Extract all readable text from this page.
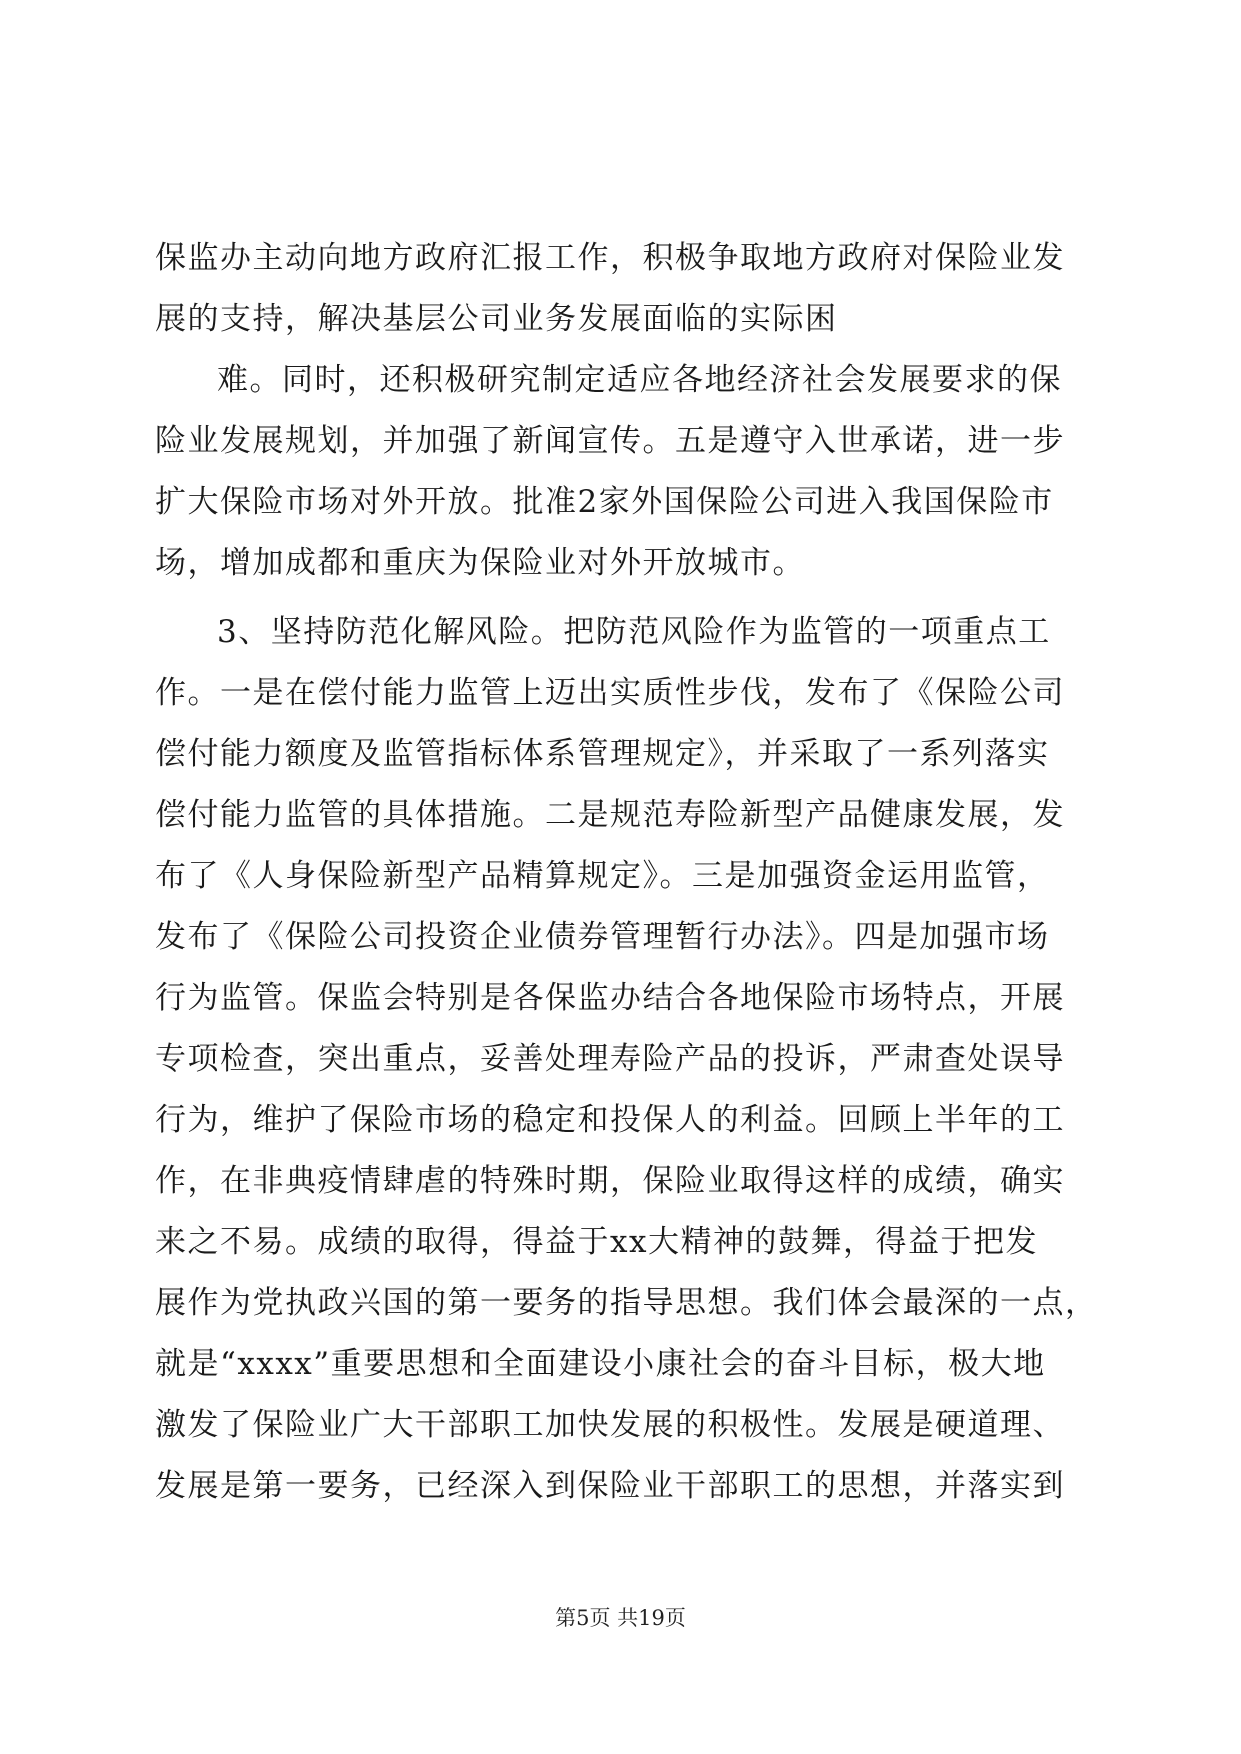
保监办主动向地方政府汇报工作，积极争取地方政府对保险业发
展的支持，解决基层公司业务发展面临的实际困
难。同时，还积极研究制定适应各地经济社会发展要求的保
险业发展规划，并加强了新闻宣传。五是遵守入世承诺，进一步
扩大保险市场对外开放。批准2家外国保险公司进入我国保险市
场，增加成都和重庆为保险业对外开放城市。
3、坚持防范化解风险。把防范风险作为监管的一项重点工
作。一是在偿付能力监管上迈出实质性步伐，发布了《保险公司
偿付能力额度及监管指标体系管理规定》，并采取了一系列落实
偿付能力监管的具体措施。二是规范寿险新型产品健康发展，发
布了《人身保险新型产品精算规定》。三是加强资金运用监管，
发布了《保险公司投资企业债券管理暂行办法》。四是加强市场
行为监管。保监会特别是各保监办结合各地保险市场特点，开展
专项检查，突出重点，妥善处理寿险产品的投诉，严肃查处误导
行为，维护了保险市场的稳定和投保人的利益。回顾上半年的工
作，在非典疫情肆虐的特殊时期，保险业取得这样的成绩，确实
来之不易。成绩的取得，得益于xx大精神的鼓舞，得益于把发
展作为党执政兴国的第一要务的指导思想。我们体会最深的一点，
就是“xxxx”重要思想和全面建设小康社会的奋斗目标，极大地
激发了保险业广大干部职工加快发展的积极性。发展是硬道理、
发展是第一要务，已经深入到保险业干部职工的思想，并落实到
第5页 共19页
